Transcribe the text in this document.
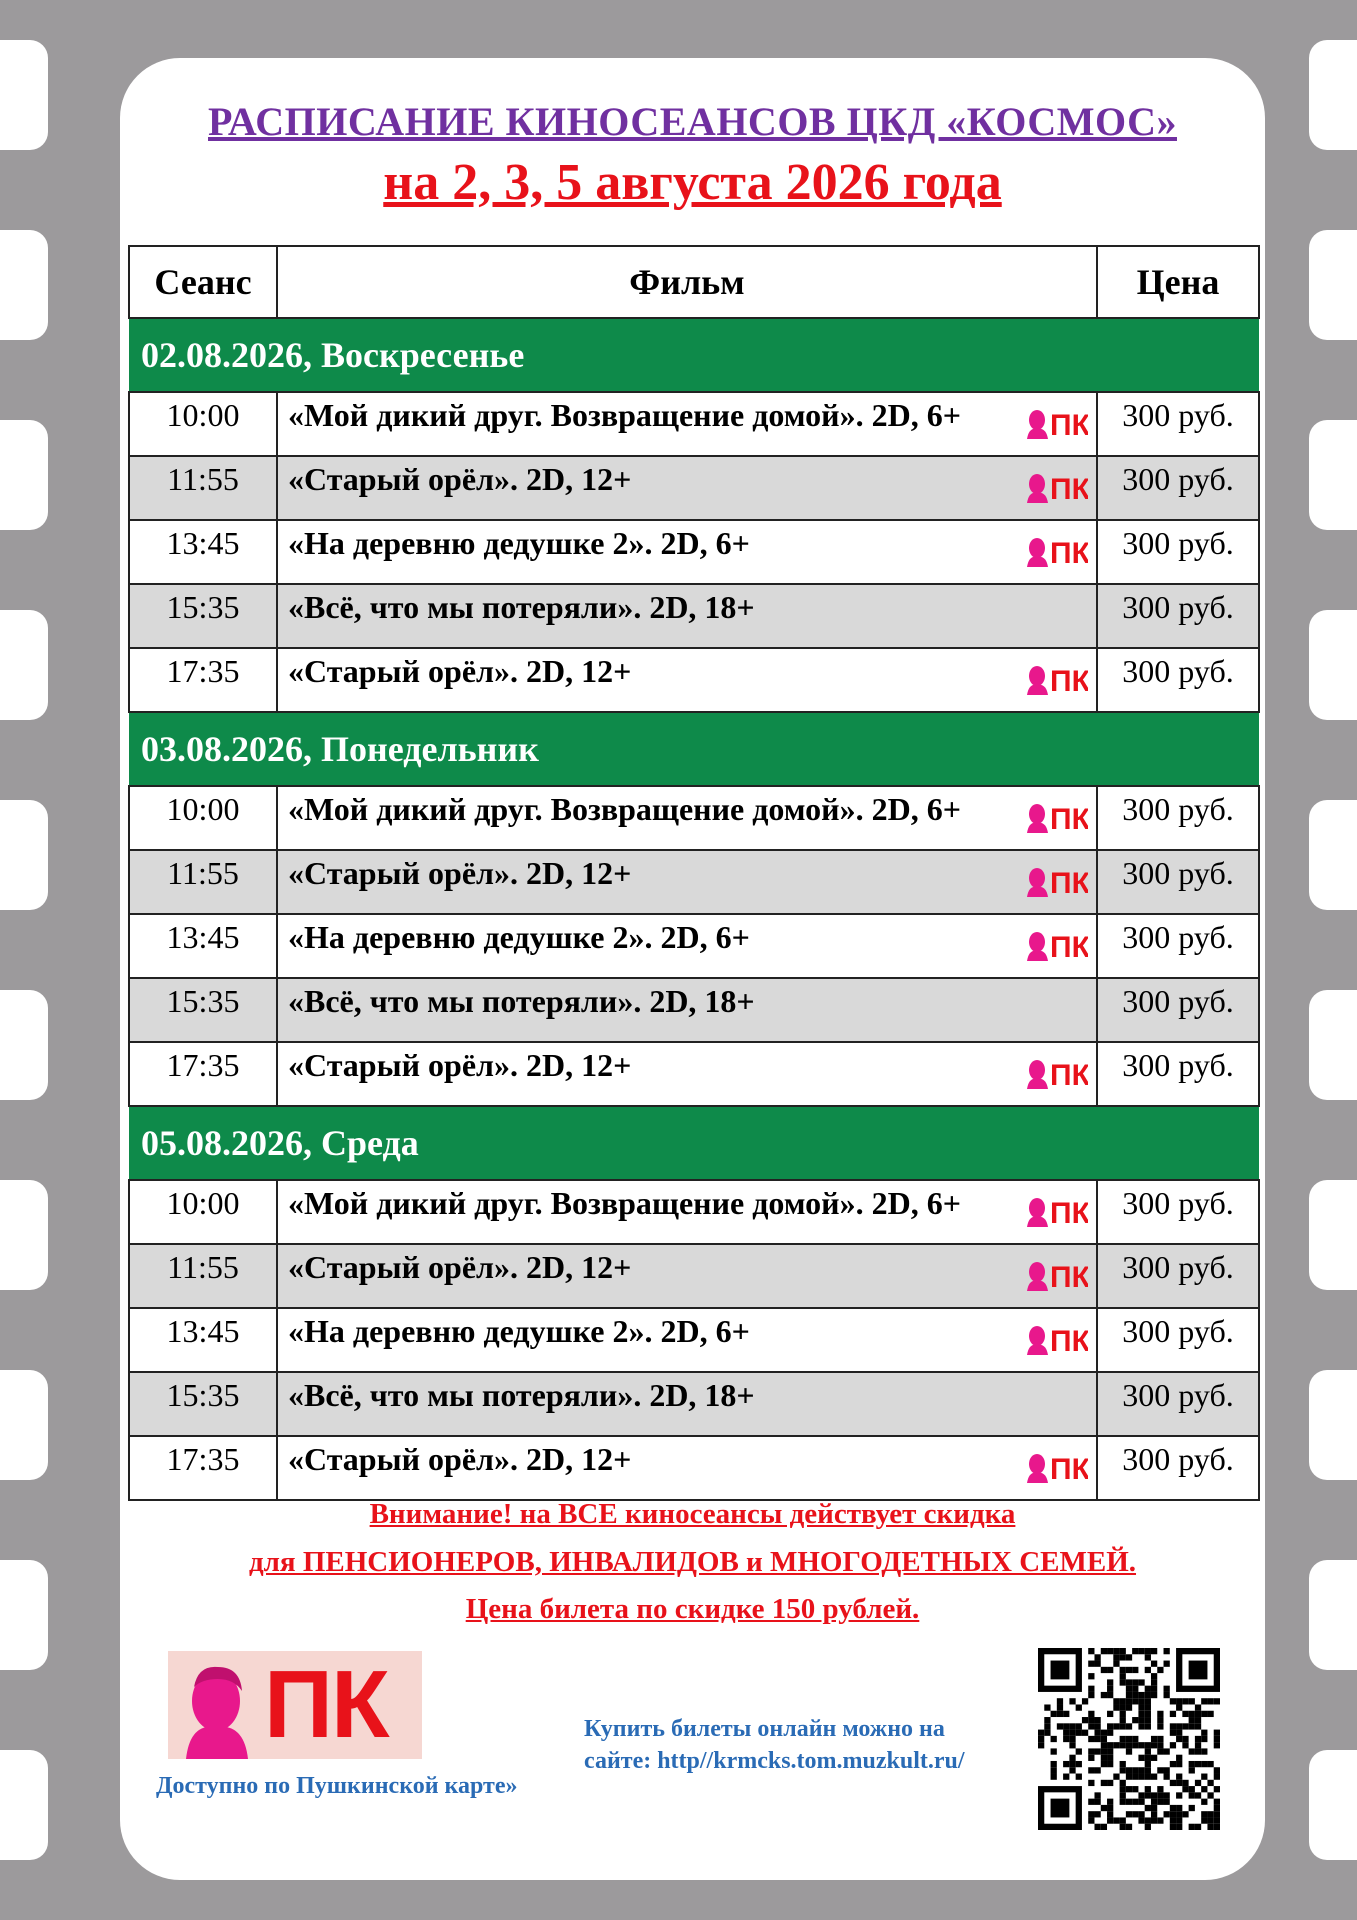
РАСПИСАНИЕ КИНОСЕАНСОВ ЦКД «КОСМОС»
на 2, 3, 5 августа 2026 года
Сеанс	Фильм	Цена
02.08.2026, Воскресенье		
10:00	«Мой дикий друг. Возвращение домой». 2D, 6+ ПК	300 руб.
11:55	«Старый орёл». 2D, 12+ ПК	300 руб.
13:45	«На деревню дедушке 2». 2D, 6+ ПК	300 руб.
15:35	«Всё, что мы потеряли». 2D, 18+	300 руб.
17:35	«Старый орёл». 2D, 12+ ПК	300 руб.
03.08.2026, Понедельник		
10:00	«Мой дикий друг. Возвращение домой». 2D, 6+ ПК	300 руб.
11:55	«Старый орёл». 2D, 12+ ПК	300 руб.
13:45	«На деревню дедушке 2». 2D, 6+ ПК	300 руб.
15:35	«Всё, что мы потеряли». 2D, 18+	300 руб.
17:35	«Старый орёл». 2D, 12+ ПК	300 руб.
05.08.2026, Среда		
10:00	«Мой дикий друг. Возвращение домой». 2D, 6+ ПК	300 руб.
11:55	«Старый орёл». 2D, 12+ ПК	300 руб.
13:45	«На деревню дедушке 2». 2D, 6+ ПК	300 руб.
15:35	«Всё, что мы потеряли». 2D, 18+	300 руб.
17:35	«Старый орёл». 2D, 12+ ПК	300 руб.
Внимание! на ВСЕ киносеансы действует скидка
для ПЕНСИОНЕРОВ, ИНВАЛИДОВ и МНОГОДЕТНЫХ СЕМЕЙ.
Цена билета по скидке 150 рублей.
ПК
Доступно по Пушкинской карте»
Купить билеты онлайн можно на
сайте: http//krmcks.tom.muzkult.ru/
